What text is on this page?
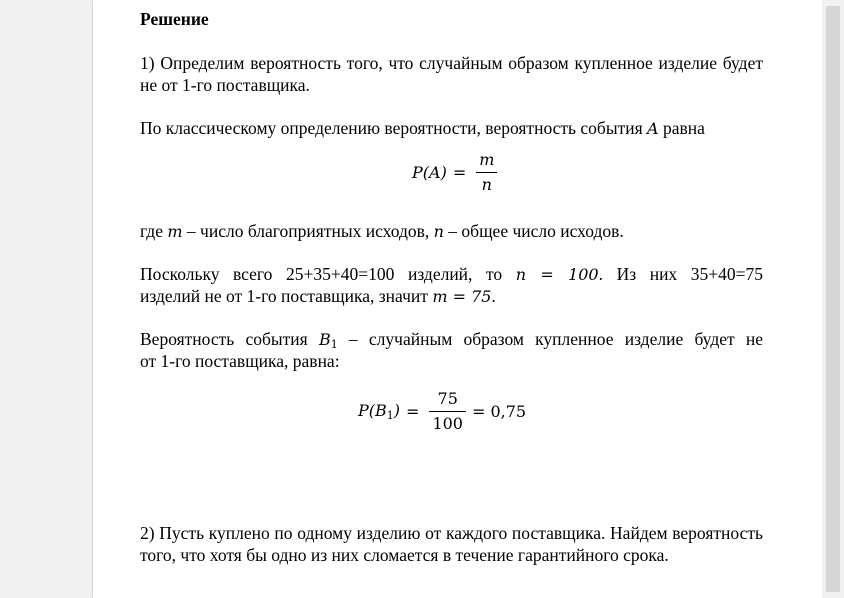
Решение
1) Определим вероятность того, что случайным образом купленное изделие будет не от 1-го поставщика.
По классическому определению вероятности, вероятность события A равна
$P(A) = \frac{m}{n}$
где m – число благоприятных исходов, n – общее число исходов.
Поскольку всего 25+35+40=100 изделий, то n = 100. Из них 35+40=75
изделий не от 1-го поставщика, значит m = 75.
Вероятность события $B_1$ – случайным образом купленное изделие будет не
от 1-го поставщика, равна:
$P(B_1) = \frac{75}{100} = 0,75$
2) Пусть куплено по одному изделию от каждого поставщика. Найдем вероятность того, что хотя бы одно из них сломается в течение гарантийного срока.
